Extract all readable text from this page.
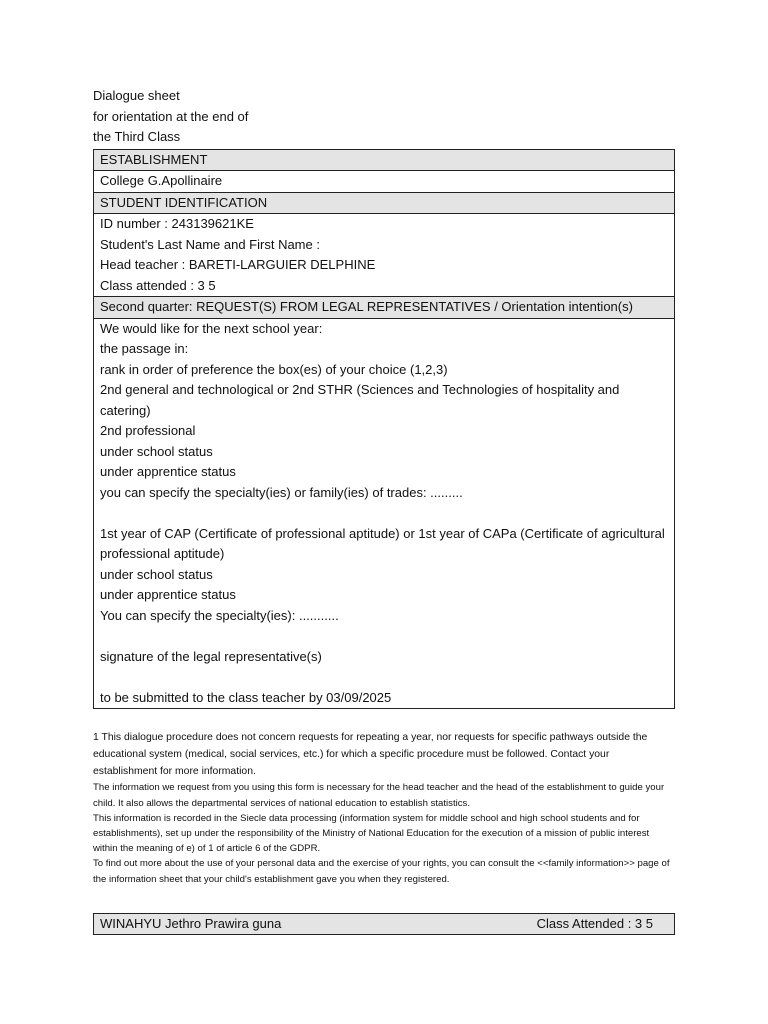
Dialogue sheet
for orientation at the end of
the Third Class
ESTABLISHMENT
College G.Apollinaire
STUDENT IDENTIFICATION

ID number : 243139621KE
Student's Last Name and First Name :
Head teacher : BARETI-LARGUIER DELPHINE
Class attended : 3 5

Second quarter: REQUEST(S) FROM LEGAL REPRESENTATIVES / Orientation intention(s)

We would like for the next school year:
the passage in:
rank in order of preference the box(es) of your choice (1,2,3)
2nd general and technological or 2nd STHR (Sciences and Technologies of hospitality and catering)
2nd professional
under school status
under apprentice status
you can specify the specialty(ies) or family(ies) of trades: .........
1st year of CAP (Certificate of professional aptitude) or 1st year of CAPa (Certificate of agricultural professional aptitude)
under school status
under apprentice status
You can specify the specialty(ies): ...........
signature of the legal representative(s)
to be submitted to the class teacher by 03/09/2025
1 This dialogue procedure does not concern requests for repeating a year, nor requests for specific pathways outside the educational system (medical, social services, etc.) for which a specific procedure must be followed. Contact your establishment for more information.
The information we request from you using this form is necessary for the head teacher and the head of the establishment to guide your child. It also allows the departmental services of national education to establish statistics.
This information is recorded in the Siecle data processing (information system for middle school and high school students and for establishments), set up under the responsibility of the Ministry of National Education for the execution of a mission of public interest within the meaning of e) of 1 of article 6 of the GDPR.
To find out more about the use of your personal data and the exercise of your rights, you can consult the <<family information>> page of the information sheet that your child's establishment gave you when they registered.
WINAHYU Jethro Prawira guna	Class Attended : 3 5
